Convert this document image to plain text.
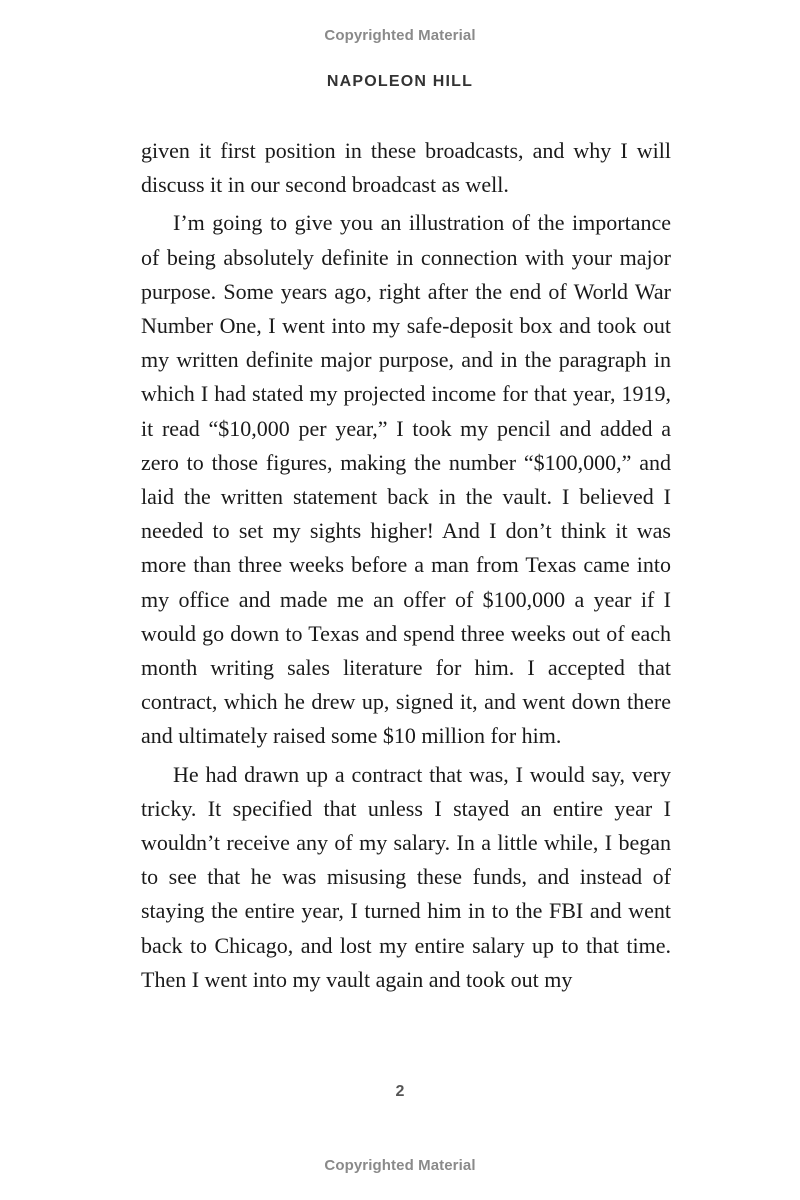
Copyrighted Material
NAPOLEON HILL

given it first position in these broadcasts, and why I will discuss it in our second broadcast as well.

I’m going to give you an illustration of the importance of being absolutely definite in connection with your major purpose. Some years ago, right after the end of World War Number One, I went into my safe-deposit box and took out my written definite major purpose, and in the paragraph in which I had stated my projected income for that year, 1919, it read “$10,000 per year,” I took my pencil and added a zero to those figures, making the number “$100,000,” and laid the written statement back in the vault. I believed I needed to set my sights higher! And I don’t think it was more than three weeks before a man from Texas came into my office and made me an offer of $100,000 a year if I would go down to Texas and spend three weeks out of each month writing sales literature for him. I accepted that contract, which he drew up, signed it, and went down there and ultimately raised some $10 million for him.

He had drawn up a contract that was, I would say, very tricky. It specified that unless I stayed an entire year I wouldn’t receive any of my salary. In a little while, I began to see that he was misusing these funds, and instead of staying the entire year, I turned him in to the FBI and went back to Chicago, and lost my entire salary up to that time. Then I went into my vault again and took out my

2
Copyrighted Material
